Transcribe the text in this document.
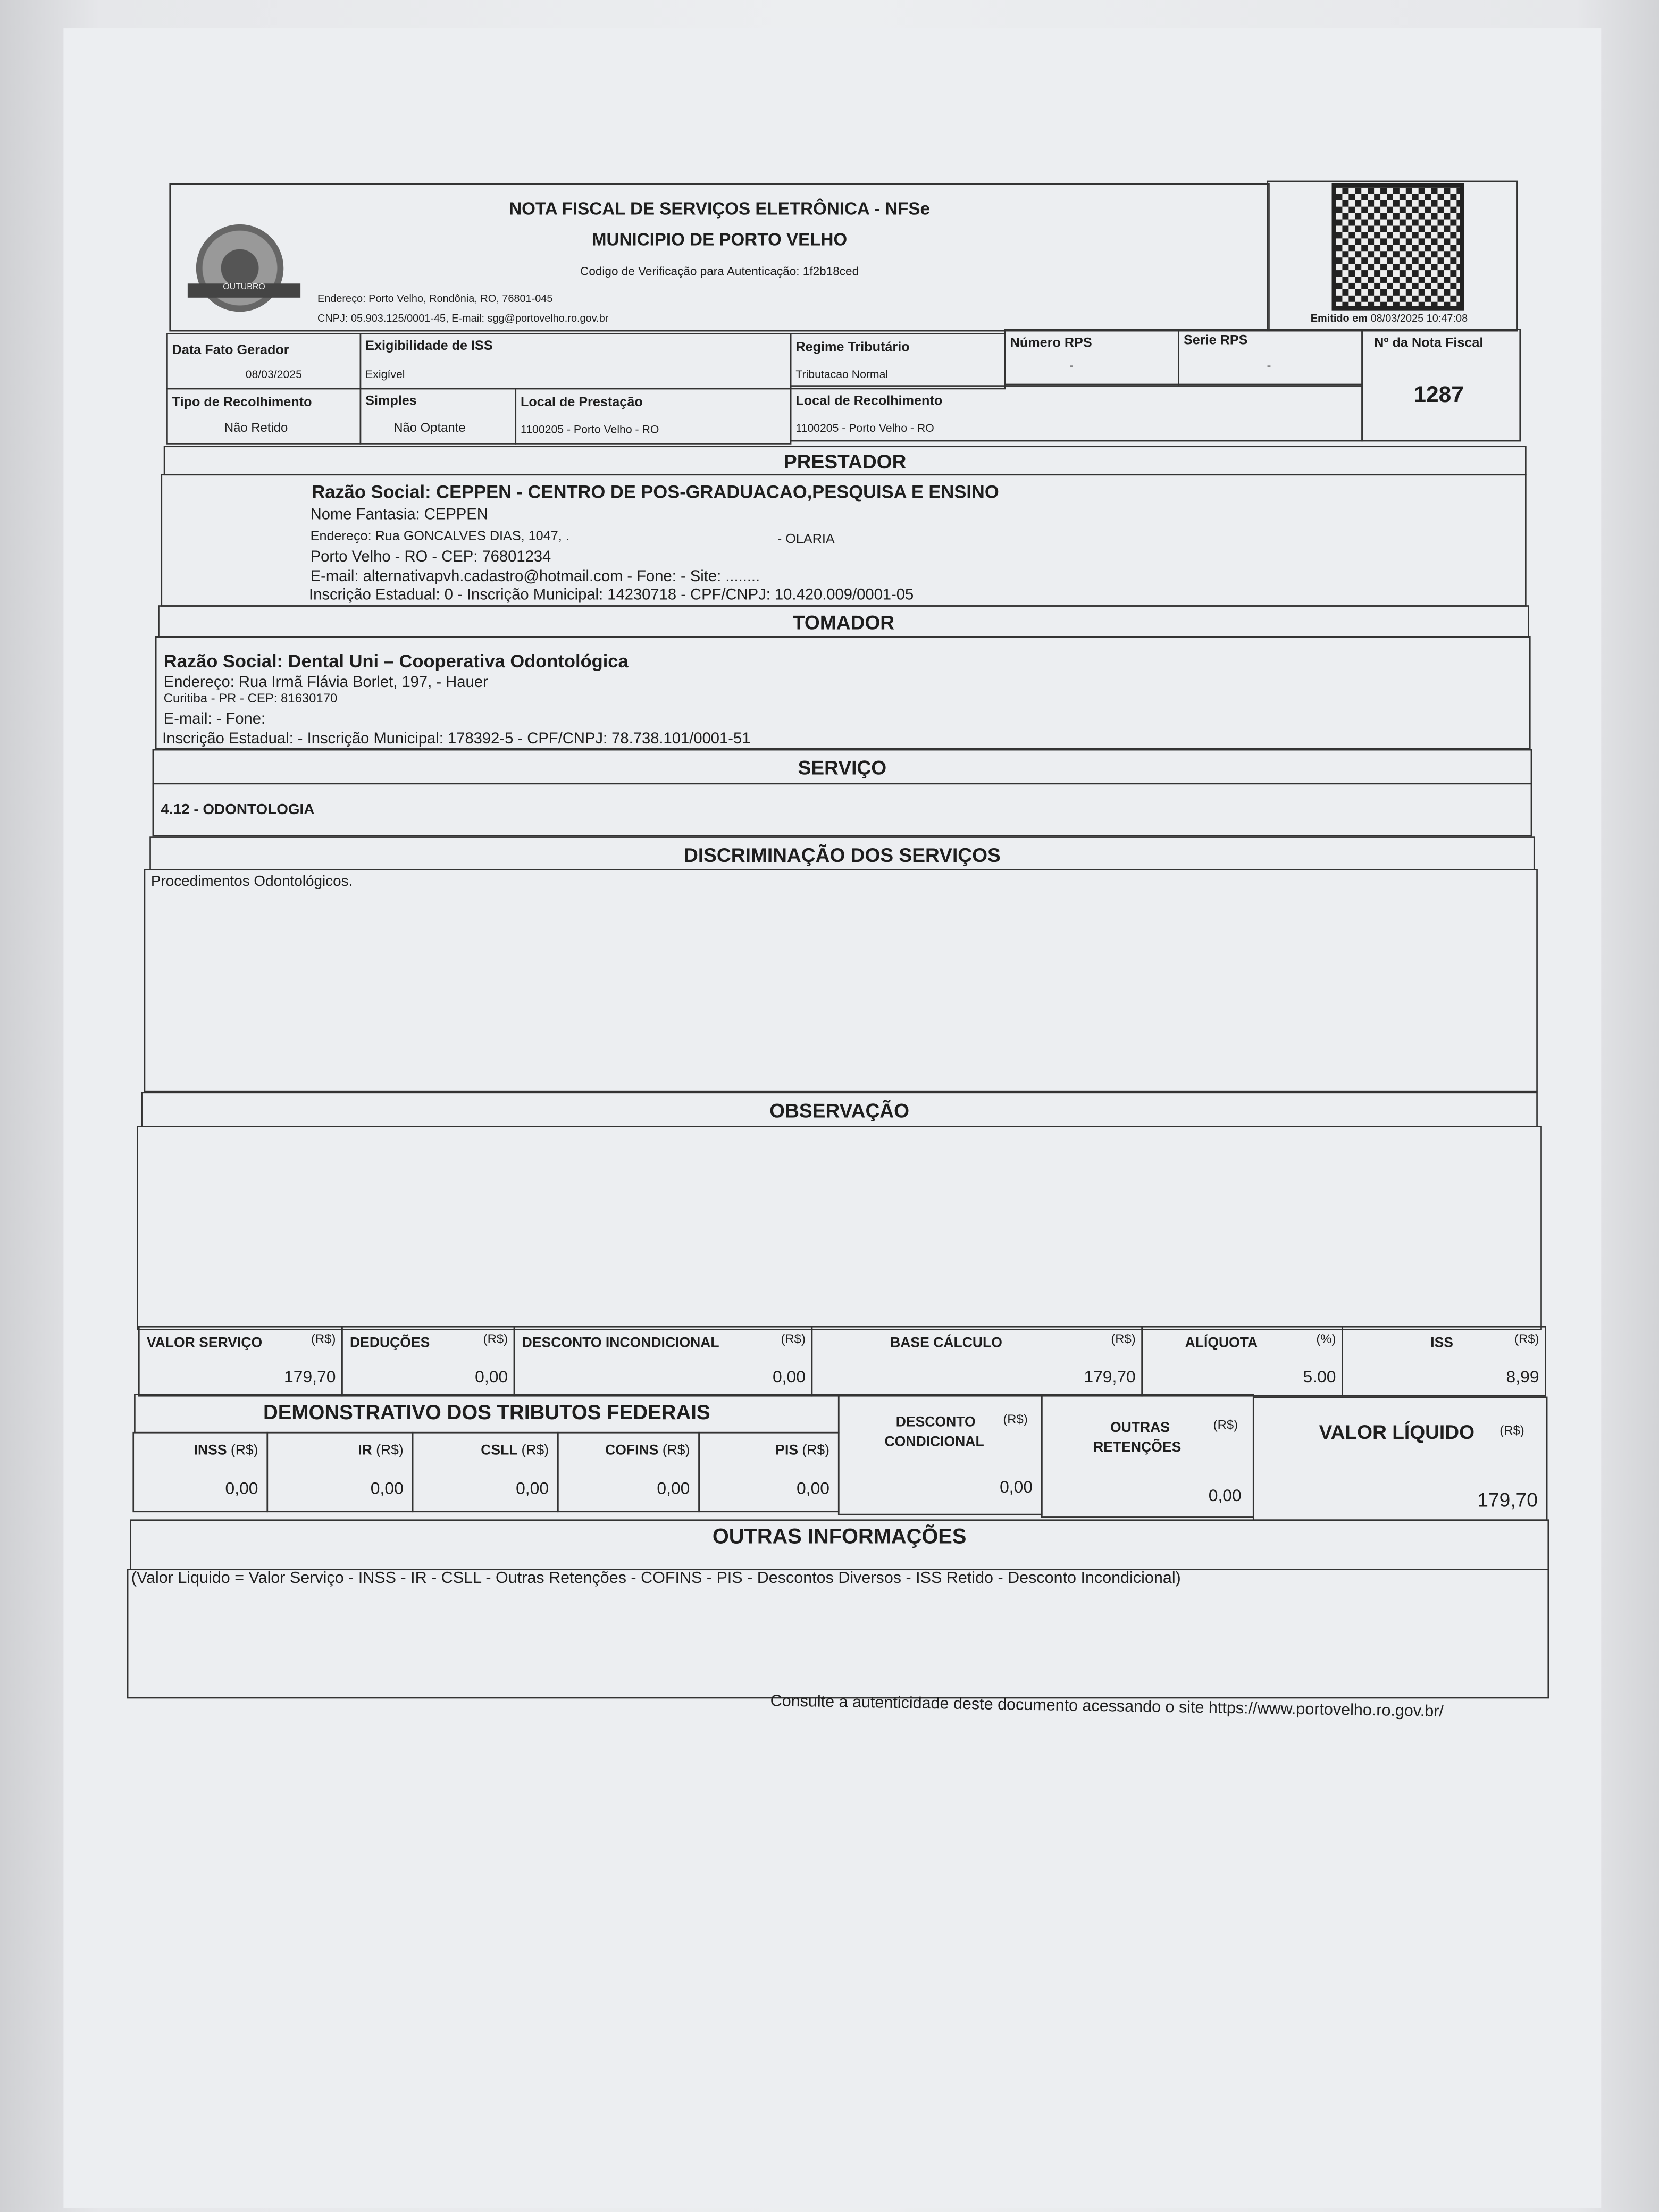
OUTUBRO
NOTA FISCAL DE SERVIÇOS ELETRÔNICA - NFSe
MUNICIPIO DE PORTO VELHO
Codigo de Verificação para Autenticação: 1f2b18ced
Endereço: Porto Velho, Rondônia, RO, 76801-045
CNPJ: 05.903.125/0001-45, E-mail: sgg@portovelho.ro.gov.br	Emitido em 08/03/2025 10:47:08
Data Fato Gerador
08/03/2025
Exigibilidade de ISS
Exigível
Regime Tributário
Tributacao Normal
Número RPS
-
Serie RPS
-
Nº da Nota Fiscal
1287
Tipo de Recolhimento
Não Retido
Simples
Não Optante
Local de Prestação
1100205 - Porto Velho - RO
Local de Recolhimento
1100205 - Porto Velho - RO
PRESTADOR
Razão Social: CEPPEN - CENTRO DE POS-GRADUACAO,PESQUISA E ENSINO
Nome Fantasia: CEPPEN
Endereço: Rua GONCALVES DIAS, 1047, .	- OLARIA
Porto Velho - RO - CEP: 76801234
E-mail: alternativapvh.cadastro@hotmail.com - Fone: - Site: ........
Inscrição Estadual: 0 - Inscrição Municipal: 14230718 - CPF/CNPJ: 10.420.009/0001-05
TOMADOR
Razão Social: Dental Uni – Cooperativa Odontológica
Endereço: Rua Irmã Flávia Borlet, 197, - Hauer
Curitiba - PR - CEP: 81630170
E-mail: - Fone:
Inscrição Estadual: - Inscrição Municipal: 178392-5 - CPF/CNPJ: 78.738.101/0001-51
SERVIÇO
4.12 - ODONTOLOGIA
DISCRIMINAÇÃO DOS SERVIÇOS
Procedimentos Odontológicos.
OBSERVAÇÃO
VALOR SERVIÇO	(R$)
179,70
DEDUÇÕES	(R$)
0,00
DESCONTO INCONDICIONAL	(R$)
0,00
BASE CÁLCULO	(R$)
179,70
ALÍQUOTA	(%)
5.00
ISS	(R$)
8,99
DEMONSTRATIVO DOS TRIBUTOS FEDERAIS
INSS (R$)
0,00
IR (R$)
0,00
CSLL (R$)
0,00
COFINS (R$)
0,00
PIS (R$)
0,00
DESCONTO
CONDICIONAL
(R$)
0,00
OUTRAS
RETENÇÕES
(R$)
0,00
VALOR LÍQUIDO	(R$)
179,70
OUTRAS INFORMAÇÕES
(Valor Liquido = Valor Serviço - INSS - IR - CSLL - Outras Retenções - COFINS - PIS - Descontos Diversos - ISS Retido - Desconto Incondicional)
Consulte a autenticidade deste documento acessando o site https://www.portovelho.ro.gov.br/
